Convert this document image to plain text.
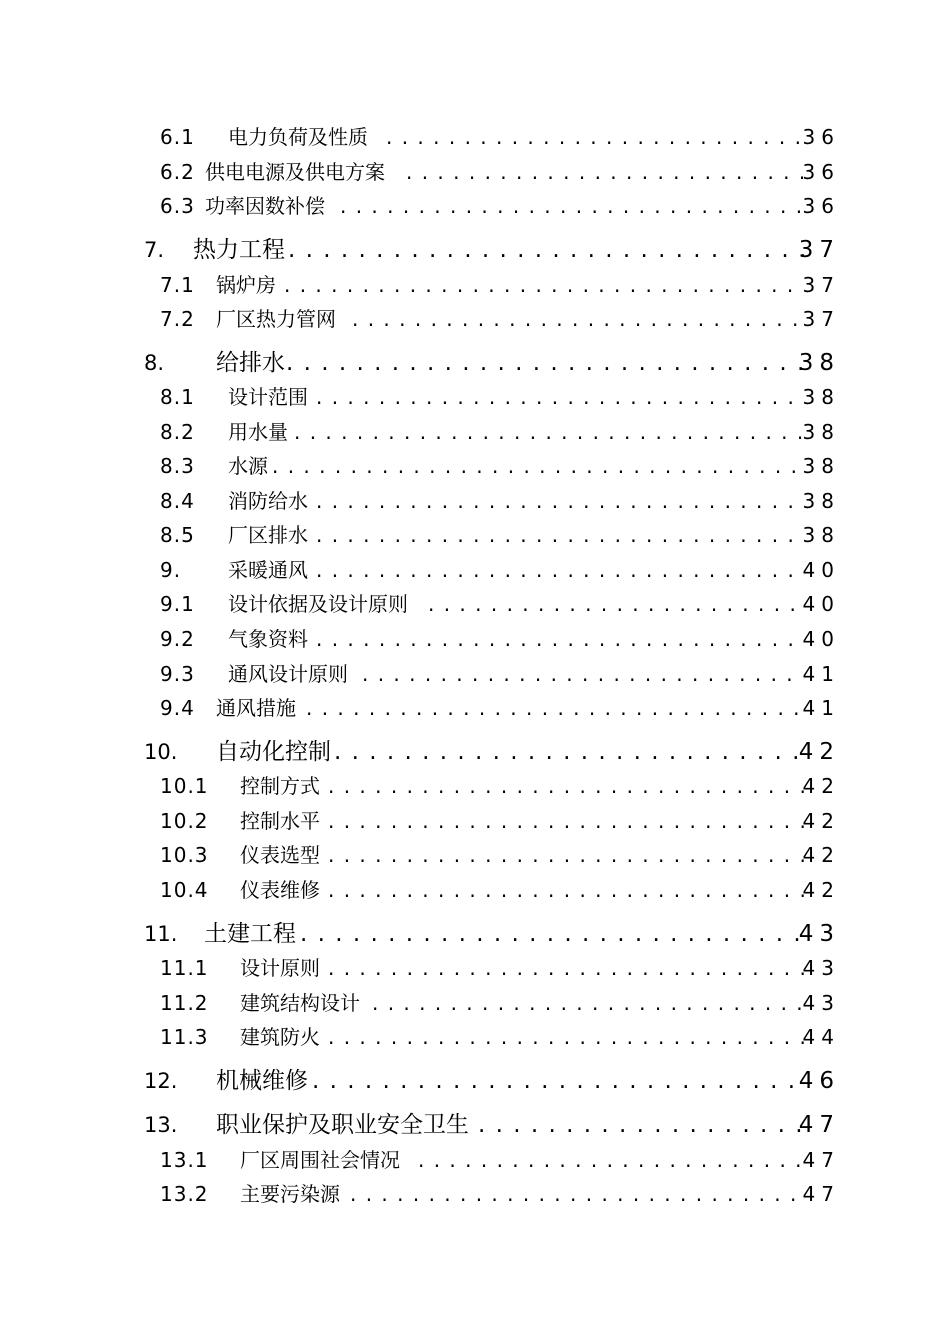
6.1 电力负荷及性质 . . .	36
6.2 供电电源及供电方案 . . .	36
6.3 功率因数补偿 . . .	36
7. 热力工程 . . .	37
7.1 锅炉房 . . .	37
7.2 厂区热力管网 . . .	37
8. 给排水 . . .	38
8.1 设计范围 . . .	38
8.2 用水量 . . .	38
8.3 水源 . . .	38
8.4 消防给水 . . .	38
8.5 厂区排水 . . .	38
9. 采暖通风 . . .	40
9.1 设计依据及设计原则 . . .	40
9.2 气象资料 . . .	40
9.3 通风设计原则 . . .	41
9.4 通风措施 . . .	41
10. 自动化控制 . . .	42
10.1 控制方式 . . .	42
10.2 控制水平 . . .	42
10.3 仪表选型 . . .	42
10.4 仪表维修 . . .	42
11. 土建工程 . . .	43
11.1 设计原则 . . .	43
11.2 建筑结构设计 . . .	43
11.3 建筑防火 . . .	44
12. 机械维修 . . .	46
13. 职业保护及职业安全卫生 . . .	47
13.1 厂区周围社会情况 . . .	47
13.2 主要污染源 . . .	47
